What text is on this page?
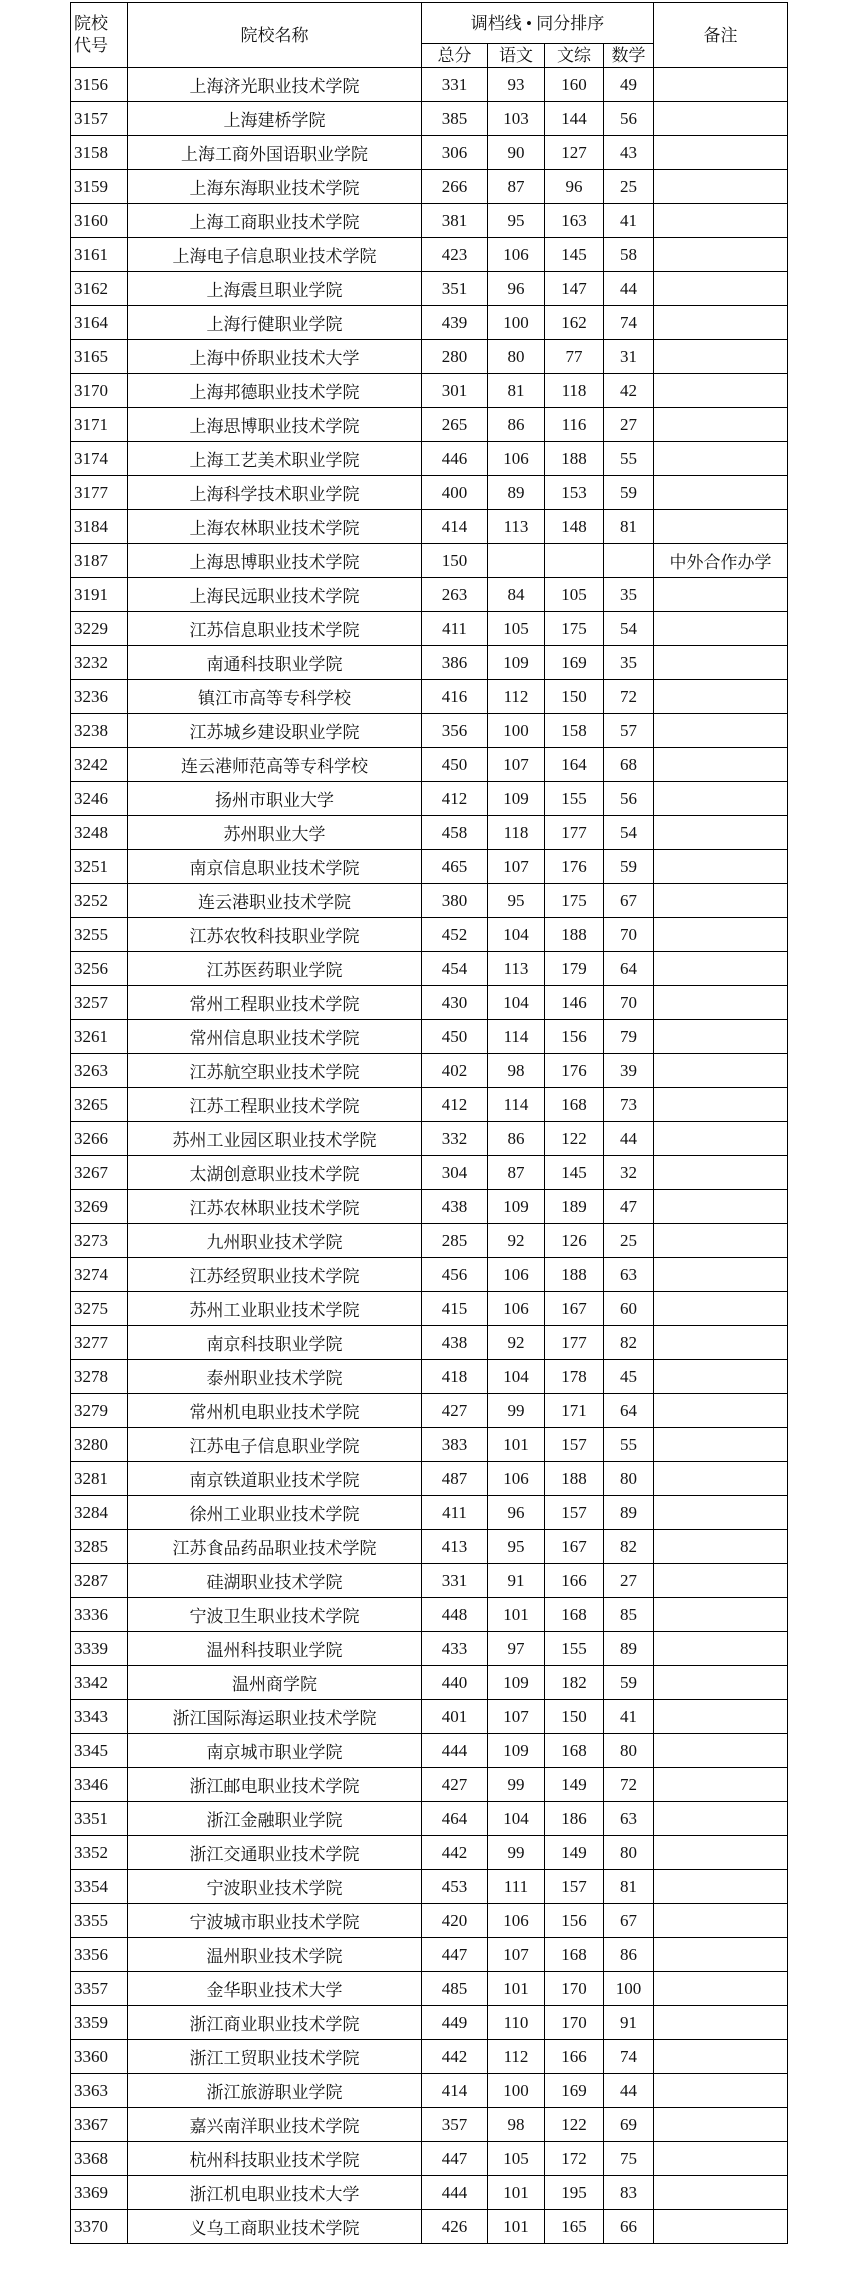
院校代号	院校名称	调档线 • 同分排序				备注
		总分	语文	文综	数学	
3156	上海济光职业技术学院	331	93	160	49	
3157	上海建桥学院	385	103	144	56	
3158	上海工商外国语职业学院	306	90	127	43	
3159	上海东海职业技术学院	266	87	96	25	
3160	上海工商职业技术学院	381	95	163	41	
3161	上海电子信息职业技术学院	423	106	145	58	
3162	上海震旦职业学院	351	96	147	44	
3164	上海行健职业学院	439	100	162	74	
3165	上海中侨职业技术大学	280	80	77	31	
3170	上海邦德职业技术学院	301	81	118	42	
3171	上海思博职业技术学院	265	86	116	27	
3174	上海工艺美术职业学院	446	106	188	55	
3177	上海科学技术职业学院	400	89	153	59	
3184	上海农林职业技术学院	414	113	148	81	
3187	上海思博职业技术学院	150				中外合作办学
3191	上海民远职业技术学院	263	84	105	35	
3229	江苏信息职业技术学院	411	105	175	54	
3232	南通科技职业学院	386	109	169	35	
3236	镇江市高等专科学校	416	112	150	72	
3238	江苏城乡建设职业学院	356	100	158	57	
3242	连云港师范高等专科学校	450	107	164	68	
3246	扬州市职业大学	412	109	155	56	
3248	苏州职业大学	458	118	177	54	
3251	南京信息职业技术学院	465	107	176	59	
3252	连云港职业技术学院	380	95	175	67	
3255	江苏农牧科技职业学院	452	104	188	70	
3256	江苏医药职业学院	454	113	179	64	
3257	常州工程职业技术学院	430	104	146	70	
3261	常州信息职业技术学院	450	114	156	79	
3263	江苏航空职业技术学院	402	98	176	39	
3265	江苏工程职业技术学院	412	114	168	73	
3266	苏州工业园区职业技术学院	332	86	122	44	
3267	太湖创意职业技术学院	304	87	145	32	
3269	江苏农林职业技术学院	438	109	189	47	
3273	九州职业技术学院	285	92	126	25	
3274	江苏经贸职业技术学院	456	106	188	63	
3275	苏州工业职业技术学院	415	106	167	60	
3277	南京科技职业学院	438	92	177	82	
3278	泰州职业技术学院	418	104	178	45	
3279	常州机电职业技术学院	427	99	171	64	
3280	江苏电子信息职业学院	383	101	157	55	
3281	南京铁道职业技术学院	487	106	188	80	
3284	徐州工业职业技术学院	411	96	157	89	
3285	江苏食品药品职业技术学院	413	95	167	82	
3287	硅湖职业技术学院	331	91	166	27	
3336	宁波卫生职业技术学院	448	101	168	85	
3339	温州科技职业学院	433	97	155	89	
3342	温州商学院	440	109	182	59	
3343	浙江国际海运职业技术学院	401	107	150	41	
3345	南京城市职业学院	444	109	168	80	
3346	浙江邮电职业技术学院	427	99	149	72	
3351	浙江金融职业学院	464	104	186	63	
3352	浙江交通职业技术学院	442	99	149	80	
3354	宁波职业技术学院	453	111	157	81	
3355	宁波城市职业技术学院	420	106	156	67	
3356	温州职业技术学院	447	107	168	86	
3357	金华职业技术大学	485	101	170	100	
3359	浙江商业职业技术学院	449	110	170	91	
3360	浙江工贸职业技术学院	442	112	166	74	
3363	浙江旅游职业学院	414	100	169	44	
3367	嘉兴南洋职业技术学院	357	98	122	69	
3368	杭州科技职业技术学院	447	105	172	75	
3369	浙江机电职业技术大学	444	101	195	83	
3370	义乌工商职业技术学院	426	101	165	66	
